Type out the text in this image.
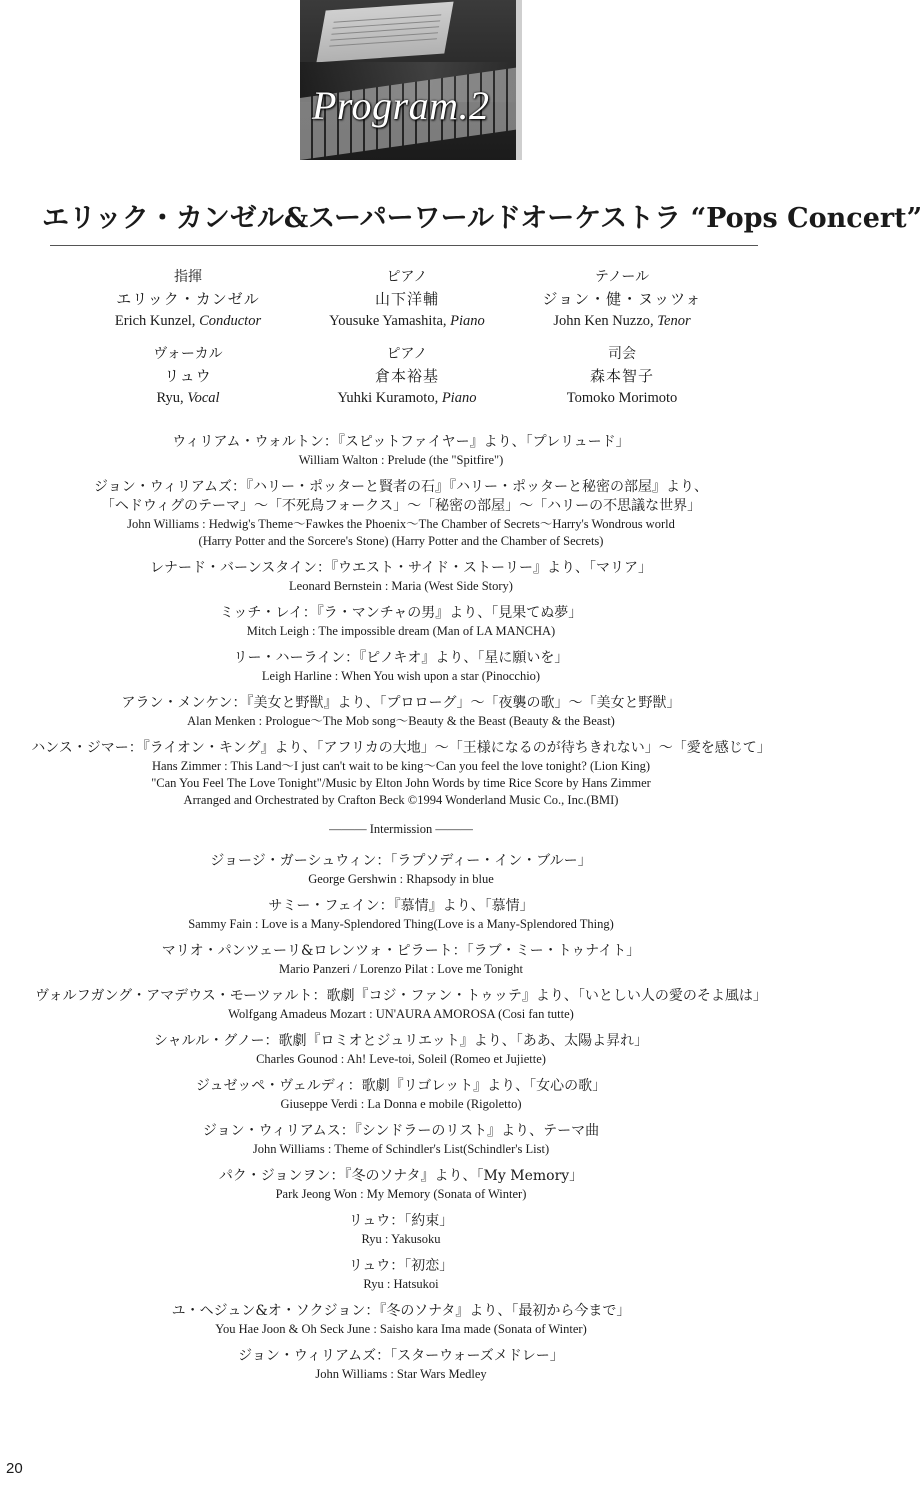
Program.2
エリック・カンゼル&スーパーワールドオーケストラ “Pops Concert”
指揮
エリック・カンゼル
Erich Kunzel, Conductor
ピアノ
山下洋輔
Yousuke Yamashita, Piano
テノール
ジョン・健・ヌッツォ
John Ken Nuzzo, Tenor
ヴォーカル
リュウ
Ryu, Vocal
ピアノ
倉本裕基
Yuhki Kuramoto, Piano
司会
森本智子
Tomoko Morimoto
ウィリアム・ウォルトン：『スピットファイヤー』より、「プレリュード」
William Walton : Prelude (the "Spitfire")
ジョン・ウィリアムズ：『ハリー・ポッターと賢者の石』『ハリー・ポッターと秘密の部屋』より、
「ヘドウィグのテーマ」〜「不死鳥フォークス」〜「秘密の部屋」〜「ハリーの不思議な世界」
John Williams : Hedwig's Theme〜Fawkes the Phoenix〜The Chamber of Secrets〜Harry's Wondrous world
(Harry Potter and the Sorcere's Stone) (Harry Potter and the Chamber of Secrets)
レナード・バーンスタイン：『ウエスト・サイド・ストーリー』より、「マリア」
Leonard Bernstein : Maria (West Side Story)
ミッチ・レイ：『ラ・マンチャの男』より、「見果てぬ夢」
Mitch Leigh : The impossible dream (Man of LA MANCHA)
リー・ハーライン：『ピノキオ』より、「星に願いを」
Leigh Harline : When You wish upon a star (Pinocchio)
アラン・メンケン：『美女と野獣』より、「プロローグ」〜「夜襲の歌」〜「美女と野獣」
Alan Menken : Prologue〜The Mob song〜Beauty & the Beast (Beauty & the Beast)
ハンス・ジマー：『ライオン・キング』より、「アフリカの大地」〜「王様になるのが待ちきれない」〜「愛を感じて」
Hans Zimmer : This Land〜I just can't wait to be king〜Can you feel the love tonight? (Lion King)
"Can You Feel The Love Tonight"/Music by Elton John Words by time Rice Score by Hans Zimmer
Arranged and Orchestrated by Crafton Beck ©1994 Wonderland Music Co., Inc.(BMI)
——— Intermission ———
ジョージ・ガーシュウィン：「ラプソディー・イン・ブルー」
George Gershwin : Rhapsody in blue
サミー・フェイン：『慕情』より、「慕情」
Sammy Fain : Love is a Many-Splendored Thing(Love is a Many-Splendored Thing)
マリオ・パンツェーリ&ロレンツォ・ピラート：「ラブ・ミー・トゥナイト」
Mario Panzeri / Lorenzo Pilat : Love me Tonight
ヴォルフガング・アマデウス・モーツァルト：歌劇『コジ・ファン・トゥッテ』より、「いとしい人の愛のそよ風は」
Wolfgang Amadeus Mozart : UN'AURA AMOROSA (Cosi fan tutte)
シャルル・グノー：歌劇『ロミオとジュリエット』より、「ああ、太陽よ昇れ」
Charles Gounod : Ah! Leve-toi, Soleil (Romeo et Jujiette)
ジュゼッペ・ヴェルディ：歌劇『リゴレット』より、「女心の歌」
Giuseppe Verdi : La Donna e mobile (Rigoletto)
ジョン・ウィリアムス：『シンドラーのリスト』より、テーマ曲
John Williams : Theme of Schindler's List(Schindler's List)
パク・ジョンヲン：『冬のソナタ』より、「My Memory」
Park Jeong Won : My Memory (Sonata of Winter)
リュウ：「約束」
Ryu : Yakusoku
リュウ：「初恋」
Ryu : Hatsukoi
ユ・ヘジュン&オ・ソクジョン：『冬のソナタ』より、「最初から今まで」
You Hae Joon & Oh Seck June : Saisho kara Ima made (Sonata of Winter)
ジョン・ウィリアムズ：「スターウォーズメドレー」
John Williams : Star Wars Medley
20
